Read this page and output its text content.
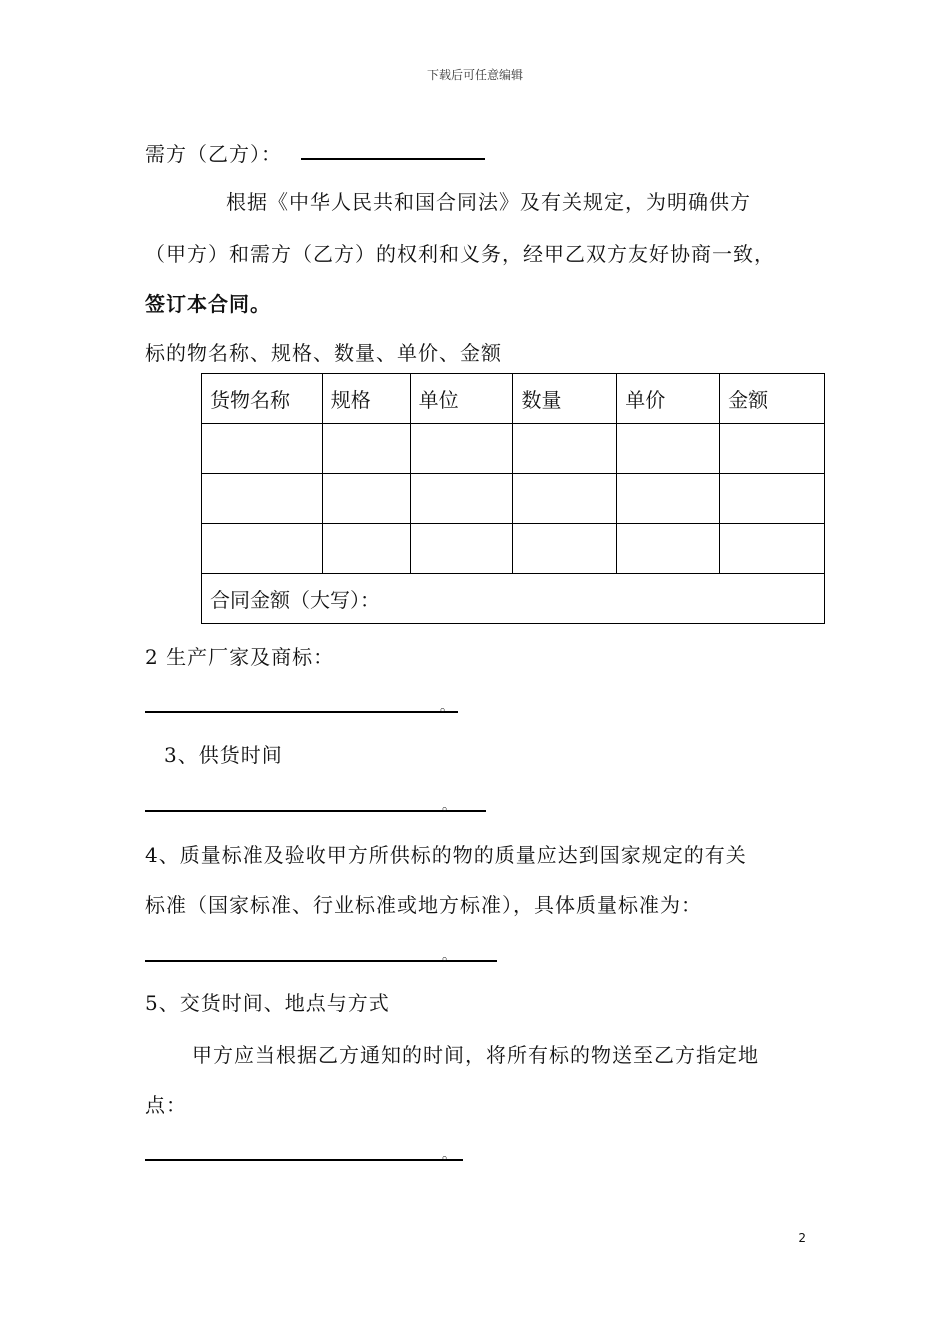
下载后可任意编辑
需方（乙方）：
根据《中华人民共和国合同法》及有关规定，为明确供方
（甲方）和需方（乙方）的权利和义务，经甲乙双方友好协商一致，
签订本合同。
标的物名称、规格、数量、单价、金额
货物名称	规格	单位	数量	单价	金额

合同金额（大写）：					
2 生产厂家及商标：
。
3、供货时间
。
4、质量标准及验收甲方所供标的物的质量应达到国家规定的有关
标准（国家标准、行业标准或地方标准），具体质量标准为：
。
5、交货时间、地点与方式
甲方应当根据乙方通知的时间，将所有标的物送至乙方指定地
点：
。
2
